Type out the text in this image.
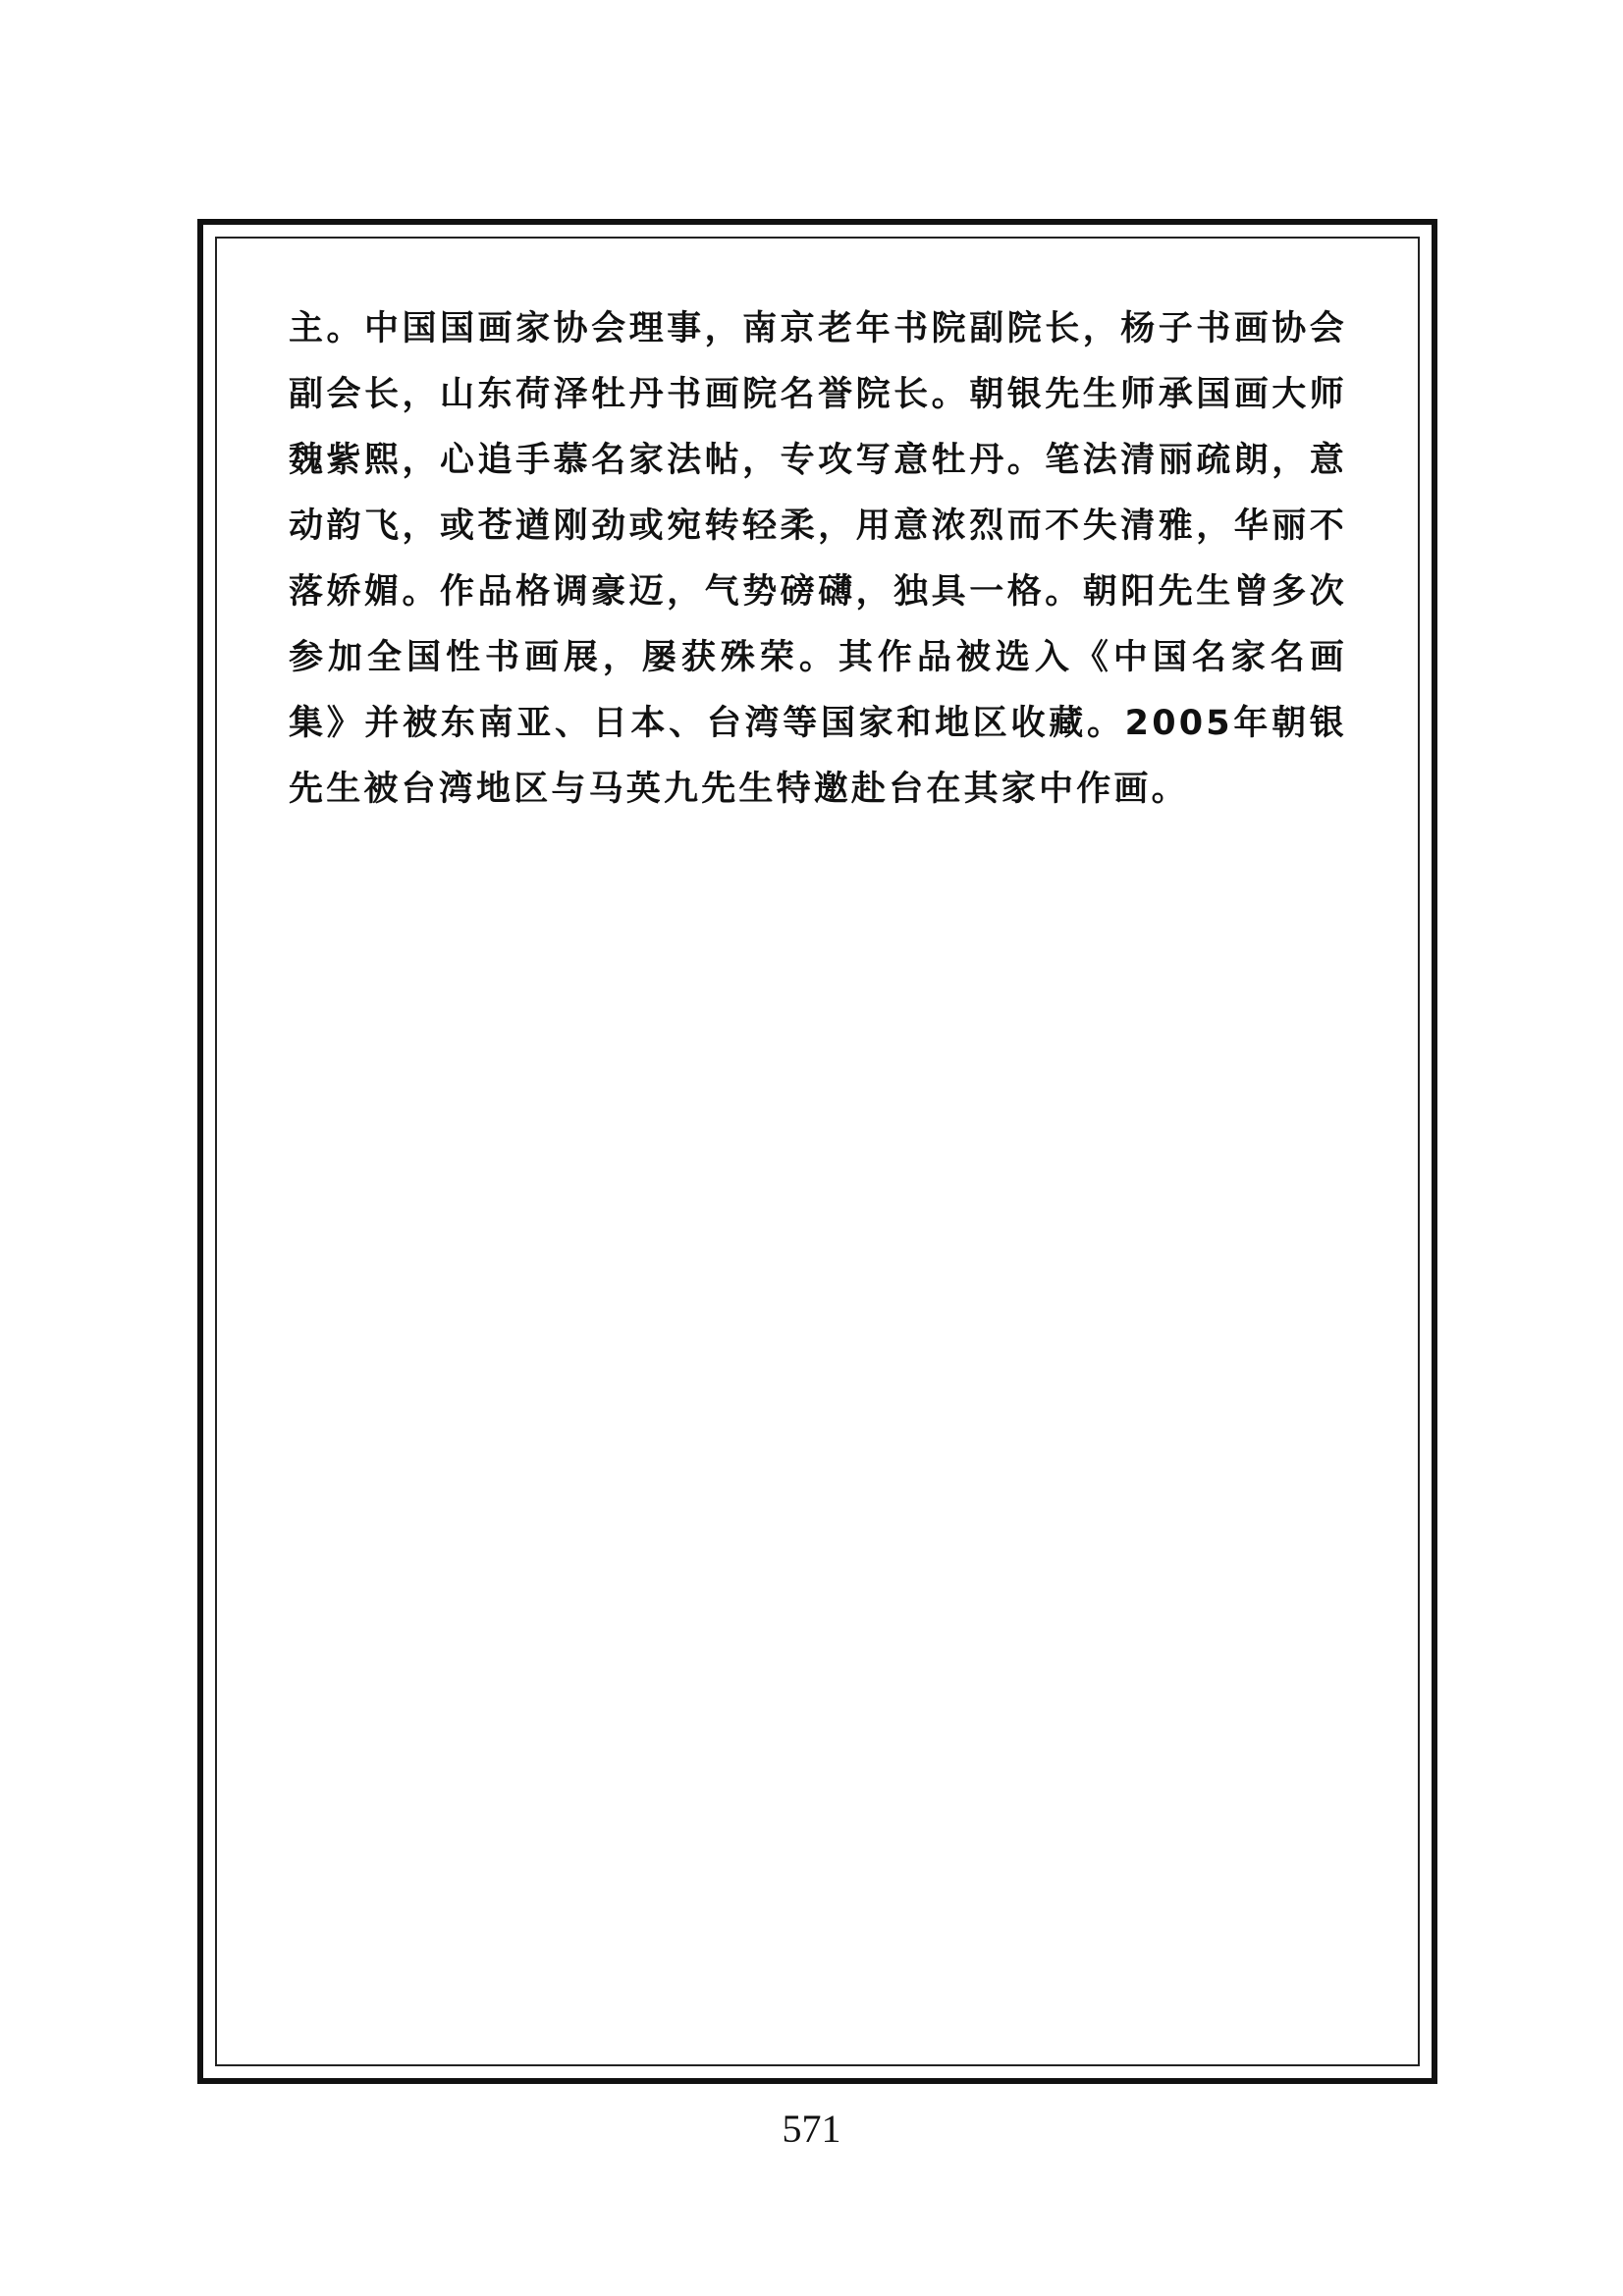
主。中国国画家协会理事，南京老年书院副院长，杨子书画协会副会长，山东荷泽牡丹书画院名誉院长。朝银先生师承国画大师魏紫熙，心追手慕名家法帖，专攻写意牡丹。笔法清丽疏朗，意动韵飞，或苍遒刚劲或宛转轻柔，用意浓烈而不失清雅，华丽不落娇媚。作品格调豪迈，气势磅礴，独具一格。朝阳先生曾多次参加全国性书画展，屡获殊荣。其作品被选入《中国名家名画集》并被东南亚、日本、台湾等国家和地区收藏。2005年朝银先生被台湾地区与马英九先生特邀赴台在其家中作画。

571
